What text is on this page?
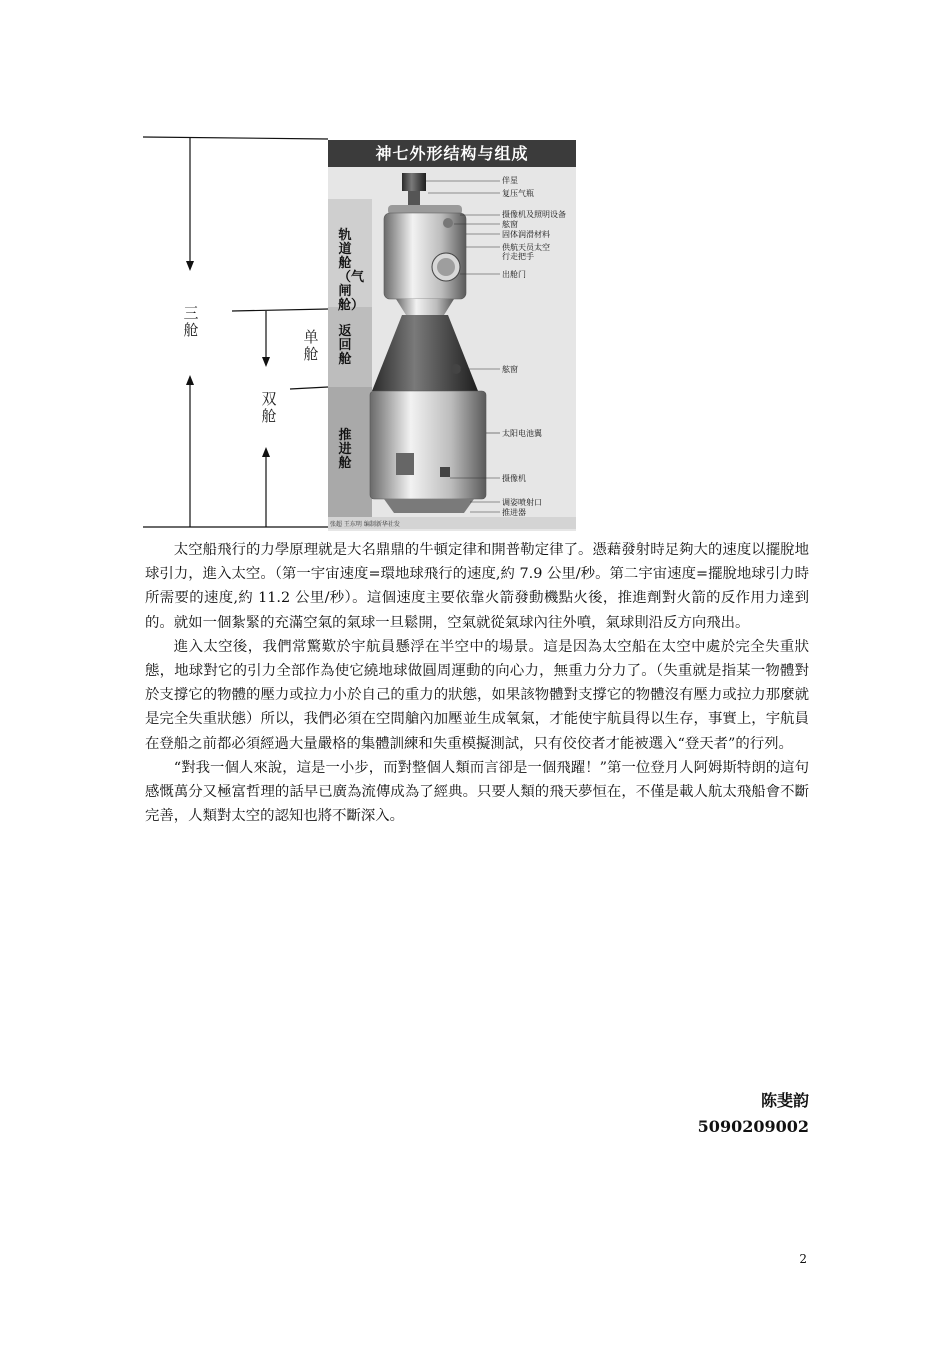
神七外形结构与组成
轨道舱（气闸舱）
返回舱
推进舱
三舱	单舱
双舱
伴星
复压气瓶
摄像机及照明设备
舷窗
固体润滑材料
供航天员太空
行走把手
出舱门
舷窗
太阳电池翼
摄像机
调姿喷射口
推进器
张超 王东明 编制新华社发

太空船飛行的力學原理就是大名鼎鼎的牛頓定律和開普勒定律了。憑藉發射時足夠大的速度以擺脫地球引力，進入太空。（第一宇宙速度=環地球飛行的速度,約 7.9 公里/秒。第二宇宙速度=擺脫地球引力時所需要的速度,約 11.2 公里/秒）。這個速度主要依靠火箭發動機點火後，推進劑對火箭的反作用力達到的。就如一個紮緊的充滿空氣的氣球一旦鬆開，空氣就從氣球內往外噴，氣球則沿反方向飛出。

進入太空後，我們常驚歎於宇航員懸浮在半空中的場景。這是因為太空船在太空中處於完全失重狀態，地球對它的引力全部作為使它繞地球做圓周運動的向心力，無重力分力了。（失重就是指某一物體對於支撐它的物體的壓力或拉力小於自己的重力的狀態，如果該物體對支撐它的物體沒有壓力或拉力那麼就是完全失重狀態）所以，我們必須在空間艙內加壓並生成氧氣，才能使宇航員得以生存，事實上，宇航員在登船之前都必須經過大量嚴格的集體訓練和失重模擬測試，只有佼佼者才能被選入“登天者”的行列。

“對我一個人來說，這是一小步，而對整個人類而言卻是一個飛躍！”第一位登月人阿姆斯特朗的這句感慨萬分又極富哲理的話早已廣為流傳成為了經典。只要人類的飛天夢恒在，不僅是載人航太飛船會不斷完善，人類對太空的認知也將不斷深入。

陈斐韵
5090209002
2
